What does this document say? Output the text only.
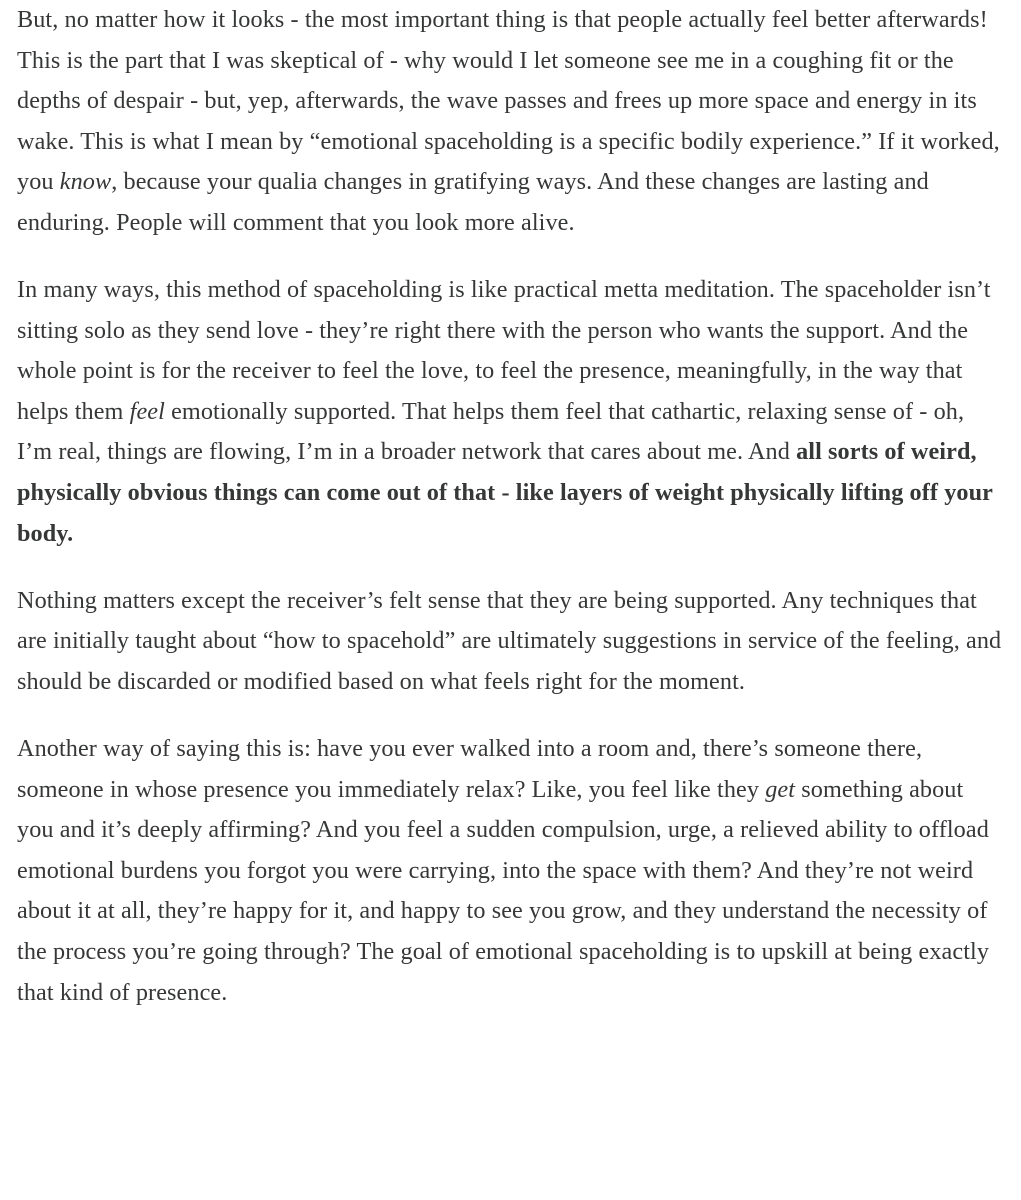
But, no matter how it looks - the most important thing is that people actually feel better afterwards! This is the part that I was skeptical of - why would I let someone see me in a coughing fit or the depths of despair - but, yep, afterwards, the wave passes and frees up more space and energy in its wake. This is what I mean by “emotional spaceholding is a specific bodily experience.” If it worked, you know, because your qualia changes in gratifying ways. And these changes are lasting and enduring. People will comment that you look more alive.

In many ways, this method of spaceholding is like practical metta meditation. The spaceholder isn’t sitting solo as they send love - they’re right there with the person who wants the support. And the whole point is for the receiver to feel the love, to feel the presence, meaningfully, in the way that helps them feel emotionally supported. That helps them feel that cathartic, relaxing sense of - oh, I’m real, things are flowing, I’m in a broader network that cares about me. And all sorts of weird, physically obvious things can come out of that - like layers of weight physically lifting off your body.

Nothing matters except the receiver’s felt sense that they are being supported. Any techniques that are initially taught about “how to spacehold” are ultimately suggestions in service of the feeling, and should be discarded or modified based on what feels right for the moment.

Another way of saying this is: have you ever walked into a room and, there’s someone there, someone in whose presence you immediately relax? Like, you feel like they get something about you and it’s deeply affirming? And you feel a sudden compulsion, urge, a relieved ability to offload emotional burdens you forgot you were carrying, into the space with them? And they’re not weird about it at all, they’re happy for it, and happy to see you grow, and they understand the necessity of the process you’re going through? The goal of emotional spaceholding is to upskill at being exactly that kind of presence.
